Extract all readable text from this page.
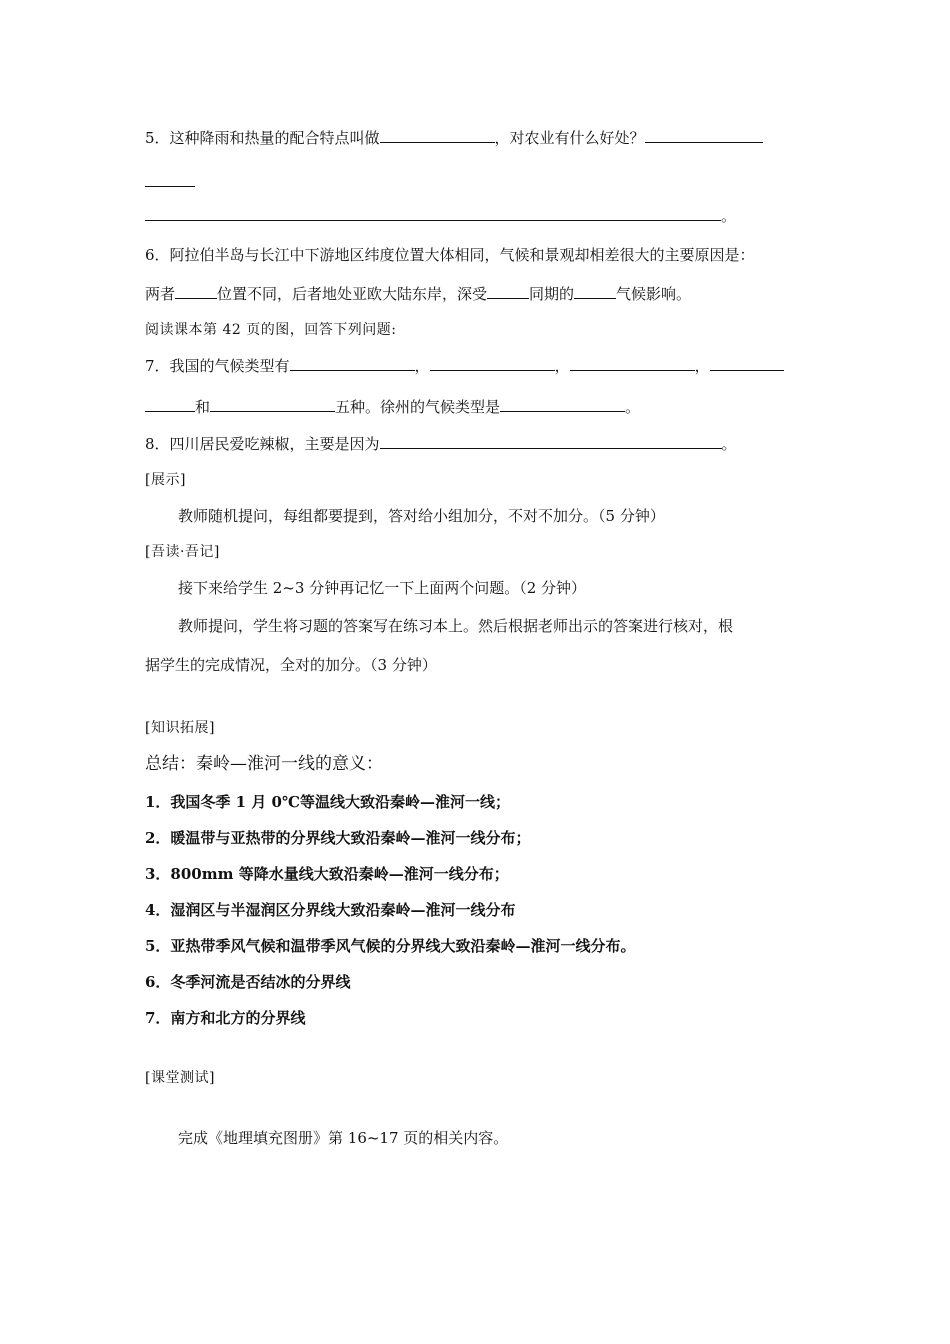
5．这种降雨和热量的配合特点叫做	，对农业有什么好处？
。
6．阿拉伯半岛与长江中下游地区纬度位置大体相同，气候和景观却相差很大的主要原因是：
两者	位置不同，后者地处亚欧大陆东岸，深受	同期的	气候影响。
阅读课本第 42 页的图，回答下列问题:
7．我国的气候类型有	，	，	，
和	五种。徐州的气候类型是	。
8．四川居民爱吃辣椒，主要是因为	。
[展示]
教师随机提问，每组都要提到，答对给小组加分，不对不加分。（5 分钟）
[吾读·吾记]
接下来给学生 2~3 分钟再记忆一下上面两个问题。（2 分钟）
教师提问，学生将习题的答案写在练习本上。然后根据老师出示的答案进行核对，根
据学生的完成情况，全对的加分。（3 分钟）
[知识拓展]
总结：秦岭—淮河一线的意义：
1．我国冬季 1 月 0℃等温线大致沿秦岭—淮河一线；
2．暖温带与亚热带的分界线大致沿秦岭—淮河一线分布；
3．800mm 等降水量线大致沿秦岭—淮河一线分布；
4．湿润区与半湿润区分界线大致沿秦岭—淮河一线分布
5．亚热带季风气候和温带季风气候的分界线大致沿秦岭—淮河一线分布。
6．冬季河流是否结冰的分界线
7．南方和北方的分界线
[课堂测试]
完成《地理填充图册》第 16~17 页的相关内容。
